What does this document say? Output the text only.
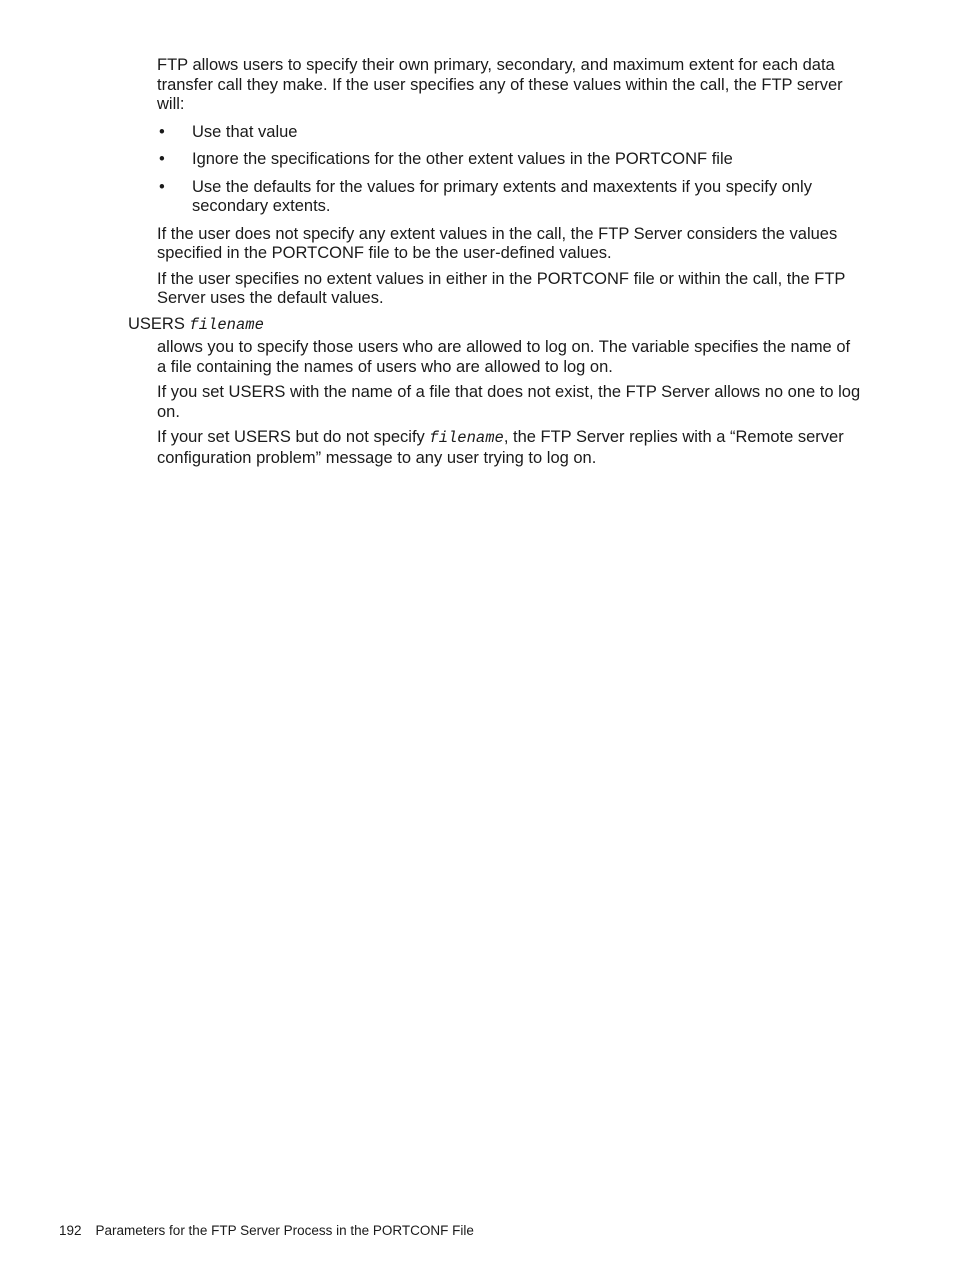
FTP allows users to specify their own primary, secondary, and maximum extent for each data transfer call they make. If the user specifies any of these values within the call, the FTP server will:

• Use that value
• Ignore the specifications for the other extent values in the PORTCONF file
• Use the defaults for the values for primary extents and maxextents if you specify only secondary extents.

If the user does not specify any extent values in the call, the FTP Server considers the values specified in the PORTCONF file to be the user-defined values.

If the user specifies no extent values in either in the PORTCONF file or within the call, the FTP Server uses the default values.

USERS filename

allows you to specify those users who are allowed to log on. The variable specifies the name of a file containing the names of users who are allowed to log on.

If you set USERS with the name of a file that does not exist, the FTP Server allows no one to log on.

If your set USERS but do not specify filename, the FTP Server replies with a “Remote server configuration problem” message to any user trying to log on.

192 Parameters for the FTP Server Process in the PORTCONF File
